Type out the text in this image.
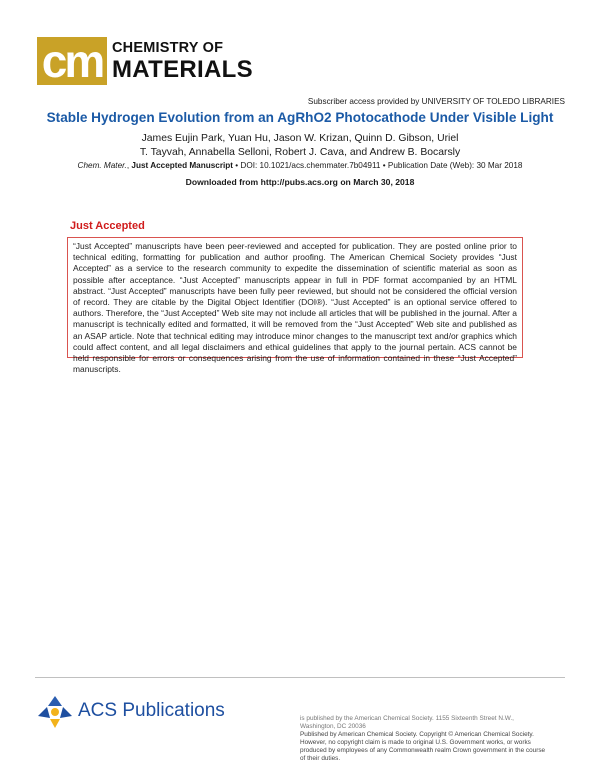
cm CHEMISTRY OF
MATERIALS
Subscriber access provided by UNIVERSITY OF TOLEDO LIBRARIES
Stable Hydrogen Evolution from an AgRhO2 Photocathode Under Visible Light
James Eujin Park, Yuan Hu, Jason W. Krizan, Quinn D. Gibson, Uriel
T. Tayvah, Annabella Selloni, Robert J. Cava, and Andrew B. Bocarsly
Chem. Mater., Just Accepted Manuscript • DOI: 10.1021/acs.chemmater.7b04911 • Publication Date (Web): 30 Mar 2018
Downloaded from http://pubs.acs.org on March 30, 2018
Just Accepted
“Just Accepted” manuscripts have been peer-reviewed and accepted for publication. They are posted online prior to technical editing, formatting for publication and author proofing. The American Chemical Society provides “Just Accepted” as a service to the research community to expedite the dissemination of scientific material as soon as possible after acceptance. “Just Accepted” manuscripts appear in full in PDF format accompanied by an HTML abstract. “Just Accepted” manuscripts have been fully peer reviewed, but should not be considered the official version of record. They are citable by the Digital Object Identifier (DOI®). “Just Accepted” is an optional service offered to authors. Therefore, the “Just Accepted” Web site may not include all articles that will be published in the journal. After a manuscript is technically edited and formatted, it will be removed from the “Just Accepted” Web site and published as an ASAP article. Note that technical editing may introduce minor changes to the manuscript text and/or graphics which could affect content, and all legal disclaimers and ethical guidelines that apply to the journal pertain. ACS cannot be held responsible for errors or consequences arising from the use of information contained in these “Just Accepted” manuscripts.
ACS Publications	is published by the American Chemical Society. 1155 Sixteenth Street N.W.,
Washington, DC 20036
Published by American Chemical Society. Copyright © American Chemical Society.
However, no copyright claim is made to original U.S. Government works, or works
produced by employees of any Commonwealth realm Crown government in the course
of their duties.
